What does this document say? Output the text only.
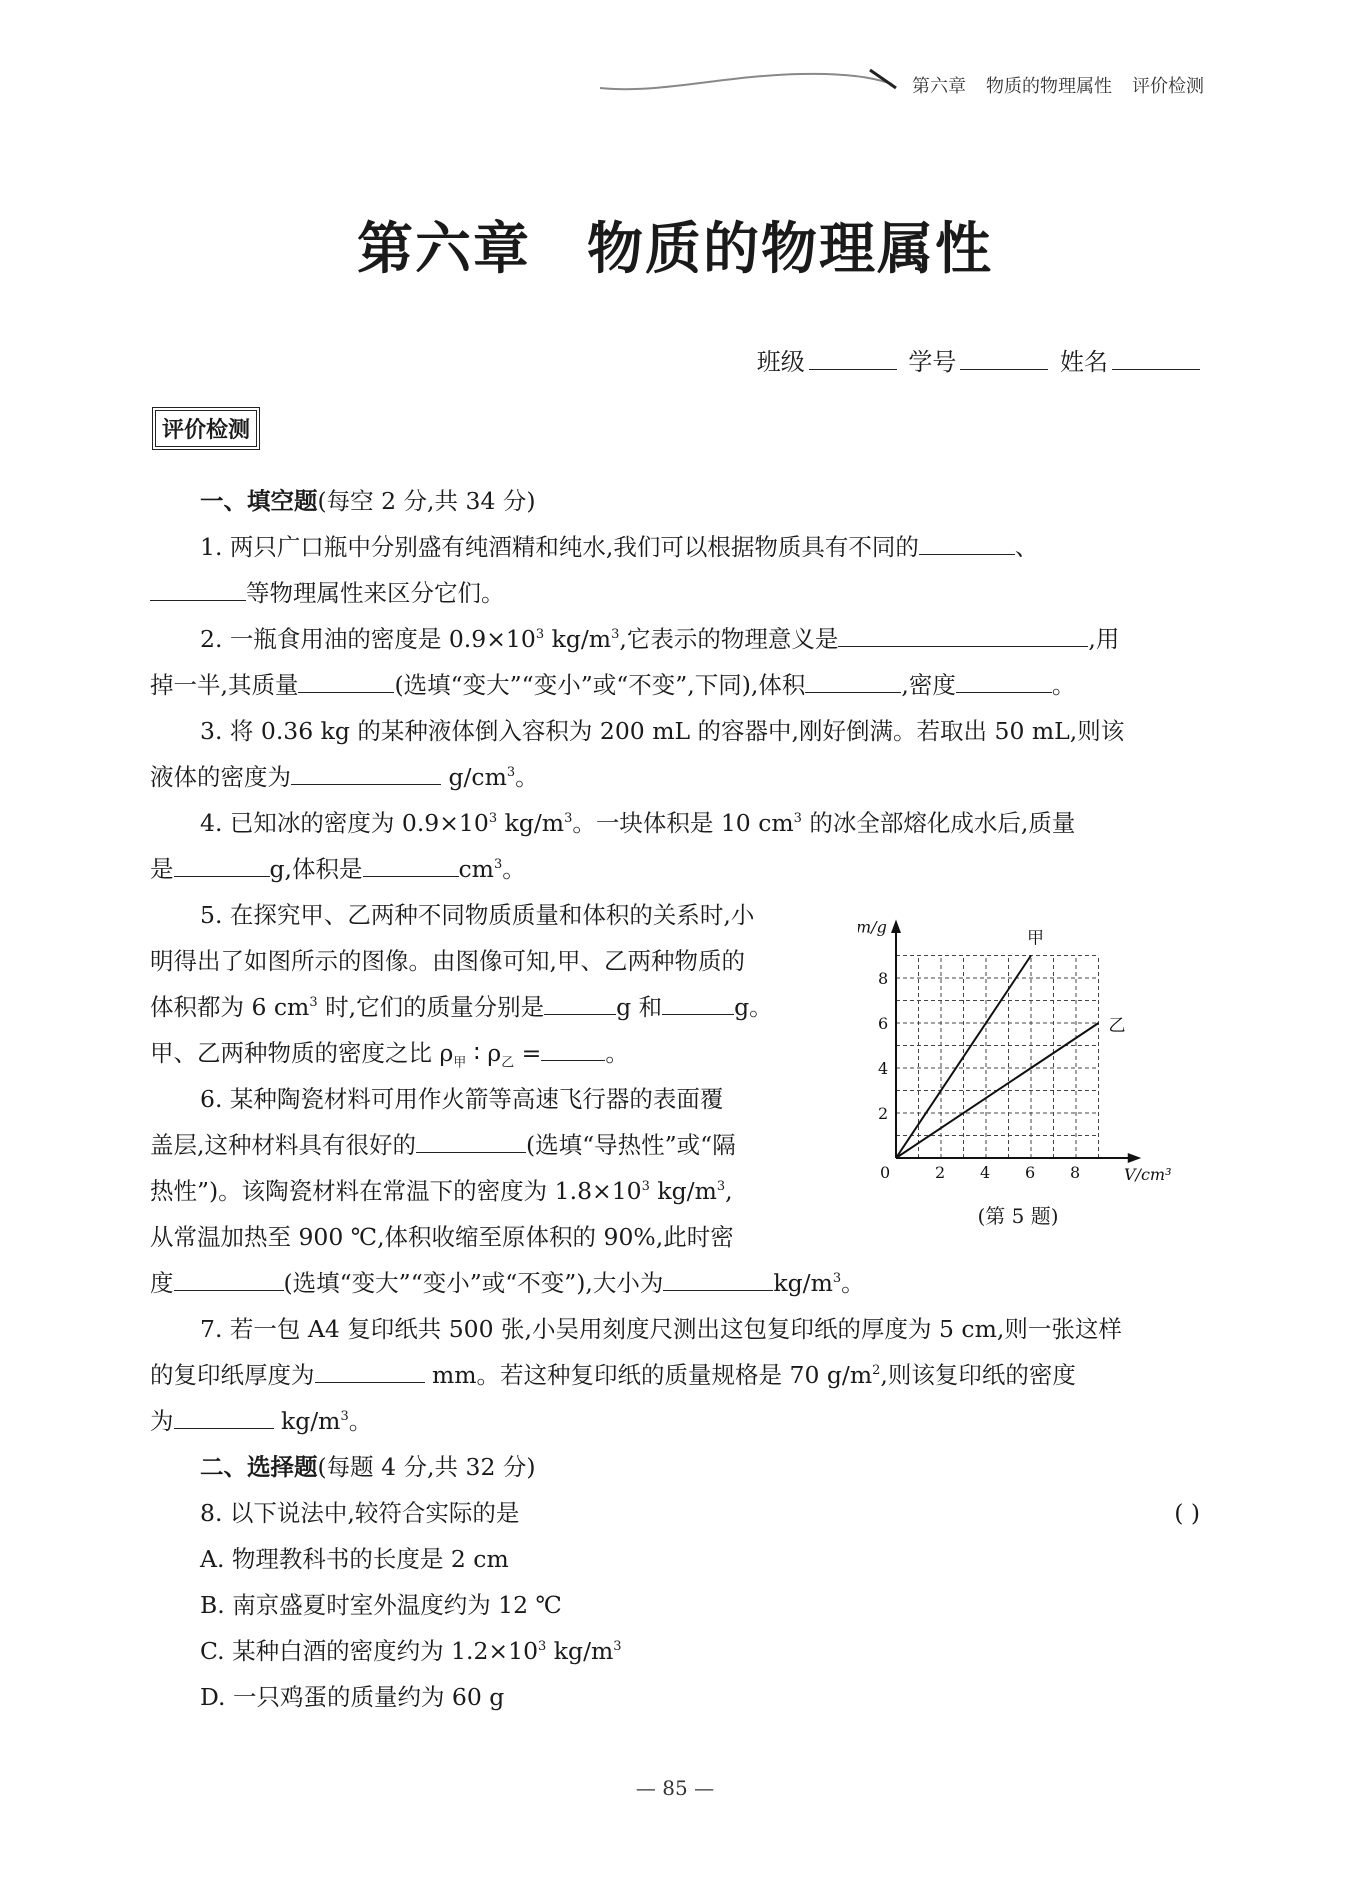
第六章 物质的物理属性 评价检测
第六章 物质的物理属性
班级	学号	姓名
评价检测

一、填空题(每空 2 分,共 34 分)

1. 两只广口瓶中分别盛有纯酒精和纯水,我们可以根据物质具有不同的	、
等物理属性来区分它们。

2. 一瓶食用油的密度是 $0.9\times 10^3$ $kg/m^3$,它表示的物理意义是	,用
掉一半,其质量	(选填“变大”“变小”或“不变”,下同),体积	,密度	。

3. 将 0.36 kg 的某种液体倒入容积为 200 mL 的容器中,刚好倒满。若取出 50 mL,则该
液体的密度为	$g/cm^3$。

4. 已知冰的密度为 $0.9\times 10^3$ $kg/m^3$。一块体积是 10 $cm^3$ 的冰全部熔化成水后,质量
是	g,体积是	$cm^3$。

5. 在探究甲、乙两种不同物质质量和体积的关系时,小
明得出了如图所示的图像。由图像可知,甲、乙两种物质的
体积都为 6 $cm^3$ 时,它们的质量分别是	g 和	g。
甲、乙两种物质的密度之比 $\rho_甲$ ∶ $\rho_乙$ =	。

6. 某种陶瓷材料可用作火箭等高速飞行器的表面覆
盖层,这种材料具有很好的	(选填“导热性”或“隔
热性”)。该陶瓷材料在常温下的密度为 $1.8\times 10^3$ $kg/m^3$,
从常温加热至 900 ℃,体积收缩至原体积的 90%,此时密

度	(选填“变大”“变小”或“不变”),大小为	$kg/m^3$。

7. 若一包 A4 复印纸共 500 张,小吴用刻度尺测出这包复印纸的厚度为 5 cm,则一张这样
的复印纸厚度为	mm。若这种复印纸的质量规格是 70 $g/m^2$,则该复印纸的密度
为	$kg/m^3$。

二、选择题(每题 4 分,共 32 分)

8. 以下说法中,较符合实际的是	( )

A. 物理教科书的长度是 2 cm

B. 南京盛夏时室外温度约为 12 ℃

C. 某种白酒的密度约为 $1.2\times 10^3$ $kg/m^3$

D. 一只鸡蛋的质量约为 60 g

0	2 4 6 8
2
4
6
8
m/g
V/cm³
甲
乙
(第 5 题)
— 85 —
